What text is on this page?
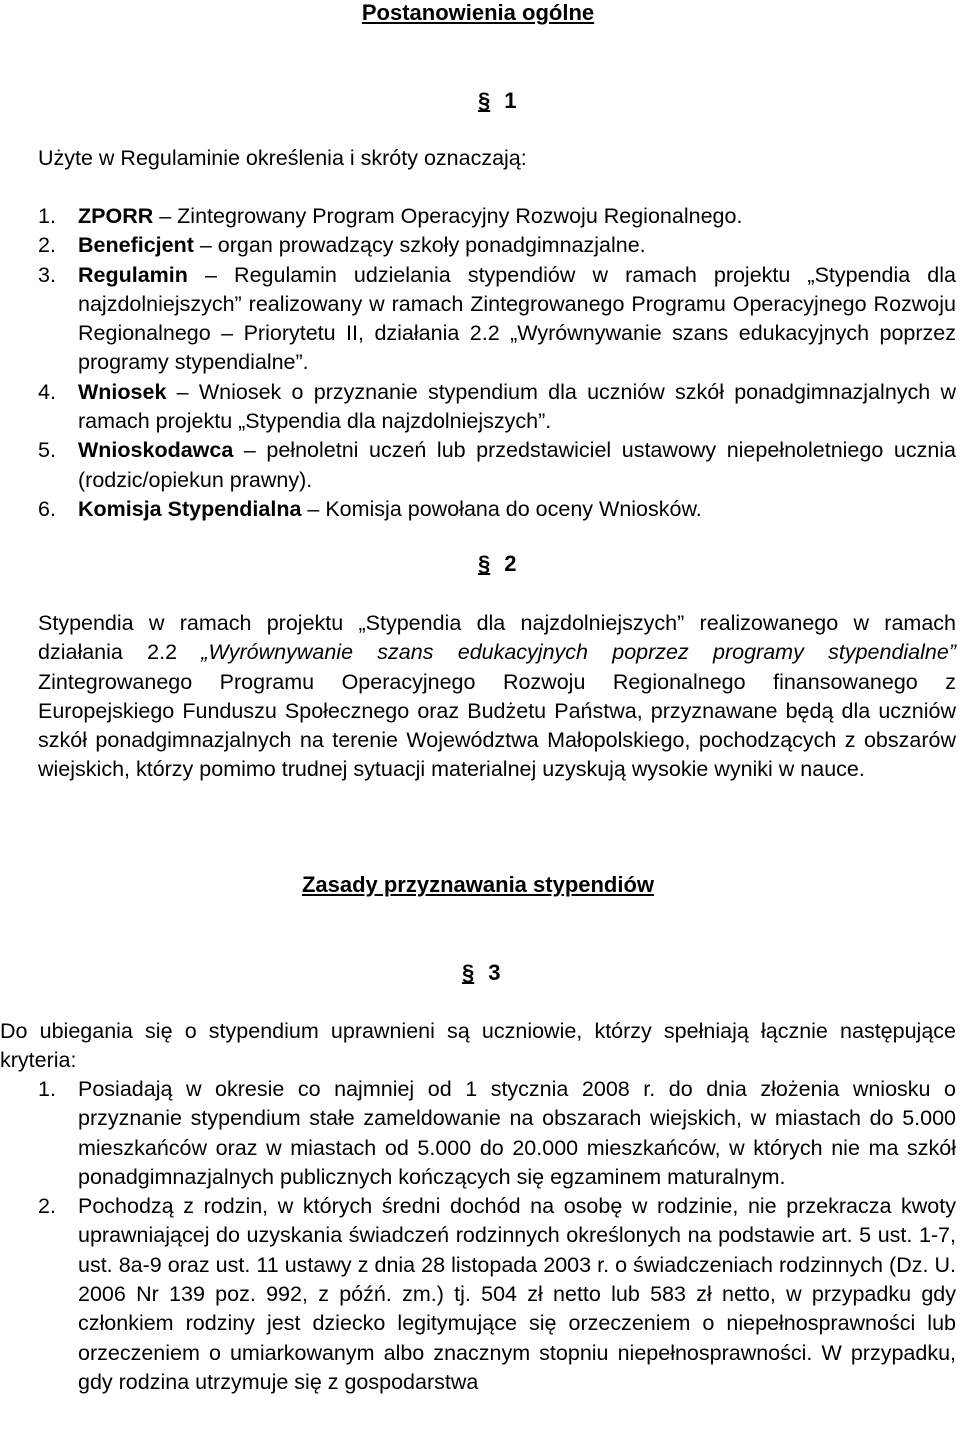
Postanowienia ogólne
§ 1

Użyte w Regulaminie określenia i skróty oznaczają:

1. ZPORR – Zintegrowany Program Operacyjny Rozwoju Regionalnego.
2. Beneficjent – organ prowadzący szkoły ponadgimnazjalne.
3. Regulamin – Regulamin udzielania stypendiów w ramach projektu „Stypendia dla najzdolniejszych” realizowany w ramach Zintegrowanego Programu Operacyjnego Rozwoju Regionalnego – Priorytetu II, działania 2.2 „Wyrównywanie szans edukacyjnych poprzez programy stypendialne”.
4. Wniosek – Wniosek o przyznanie stypendium dla uczniów szkół ponadgimnazjalnych w ramach projektu „Stypendia dla najzdolniejszych”.
5. Wnioskodawca – pełnoletni uczeń lub przedstawiciel ustawowy niepełnoletniego ucznia (rodzic/opiekun prawny).
6. Komisja Stypendialna – Komisja powołana do oceny Wniosków.
§ 2

Stypendia w ramach projektu „Stypendia dla najzdolniejszych” realizowanego w ramach działania 2.2 „Wyrównywanie szans edukacyjnych poprzez programy stypendialne” Zintegrowanego Programu Operacyjnego Rozwoju Regionalnego finansowanego z Europejskiego Funduszu Społecznego oraz Budżetu Państwa, przyznawane będą dla uczniów szkół ponadgimnazjalnych na terenie Województwa Małopolskiego, pochodzących z obszarów wiejskich, którzy pomimo trudnej sytuacji materialnej uzyskują wysokie wyniki w nauce.

Zasady przyznawania stypendiów
§ 3

Do ubiegania się o stypendium uprawnieni są uczniowie, którzy spełniają łącznie następujące kryteria:

1. Posiadają w okresie co najmniej od 1 stycznia 2008 r. do dnia złożenia wniosku o przyznanie stypendium stałe zameldowanie na obszarach wiejskich, w miastach do 5.000 mieszkańców oraz w miastach od 5.000 do 20.000 mieszkańców, w których nie ma szkół ponadgimnazjalnych publicznych kończących się egzaminem maturalnym.
2. Pochodzą z rodzin, w których średni dochód na osobę w rodzinie, nie przekracza kwoty uprawniającej do uzyskania świadczeń rodzinnych określonych na podstawie art. 5 ust. 1-7, ust. 8a-9 oraz ust. 11 ustawy z dnia 28 listopada 2003 r. o świadczeniach rodzinnych (Dz. U. 2006 Nr 139 poz. 992, z późń. zm.) tj. 504 zł netto lub 583 zł netto, w przypadku gdy członkiem rodziny jest dziecko legitymujące się orzeczeniem o niepełnosprawności lub orzeczeniem o umiarkowanym albo znacznym stopniu niepełnosprawności. W przypadku, gdy rodzina utrzymuje się z gospodarstwa
